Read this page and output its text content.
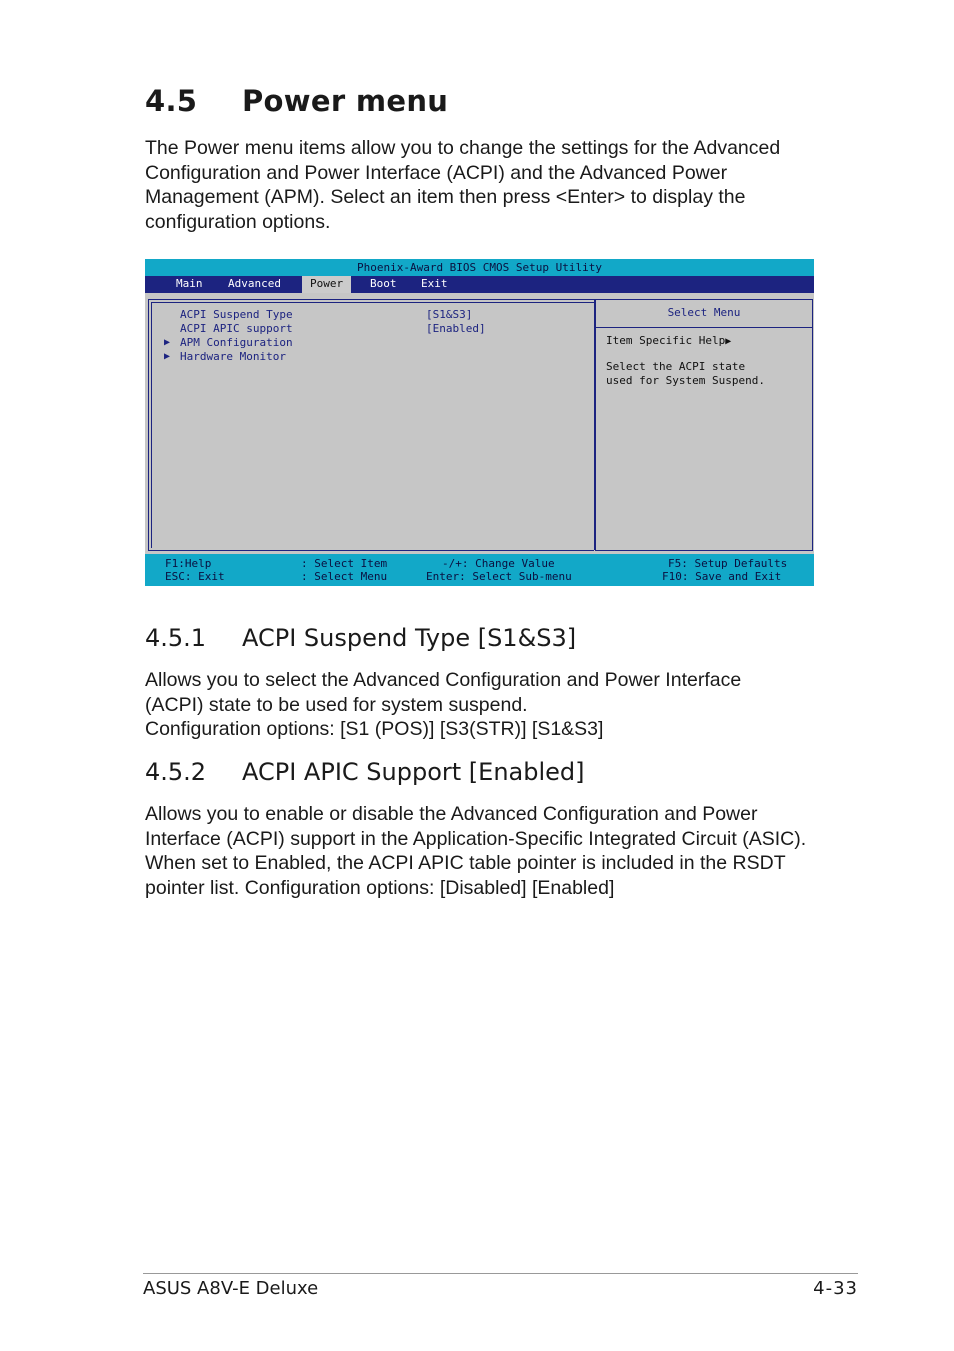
4.5 Power menu

The Power menu items allow you to change the settings for the Advanced Configuration and Power Interface (ACPI) and the Advanced Power Management (APM). Select an item then press <Enter> to display the configuration options.

Phoenix-Award BIOS CMOS Setup Utility
Main	Advanced	Power	Boot	Exit
Select Menu
ACPI Suspend Type	[S1&S3]
ACPI APIC support	[Enabled]
▶ APM Configuration
▶ Hardware Monitor
Item Specific Help▶
Select the ACPI state used for System Suspend.
F1:Help	: Select Item	-/+: Change Value	F5: Setup Defaults
ESC: Exit	: Select Menu	Enter: Select Sub-menu	F10: Save and Exit
4.5.1 ACPI Suspend Type [S1&S3]

Allows you to select the Advanced Configuration and Power Interface (ACPI) state to be used for system suspend.

Configuration options: [S1 (POS)] [S3(STR)] [S1&S3]

4.5.2 ACPI APIC Support [Enabled]

Allows you to enable or disable the Advanced Configuration and Power Interface (ACPI) support in the Application-Specific Integrated Circuit (ASIC). When set to Enabled, the ACPI APIC table pointer is included in the RSDT pointer list. Configuration options: [Disabled] [Enabled]

ASUS A8V-E Deluxe	4-33
